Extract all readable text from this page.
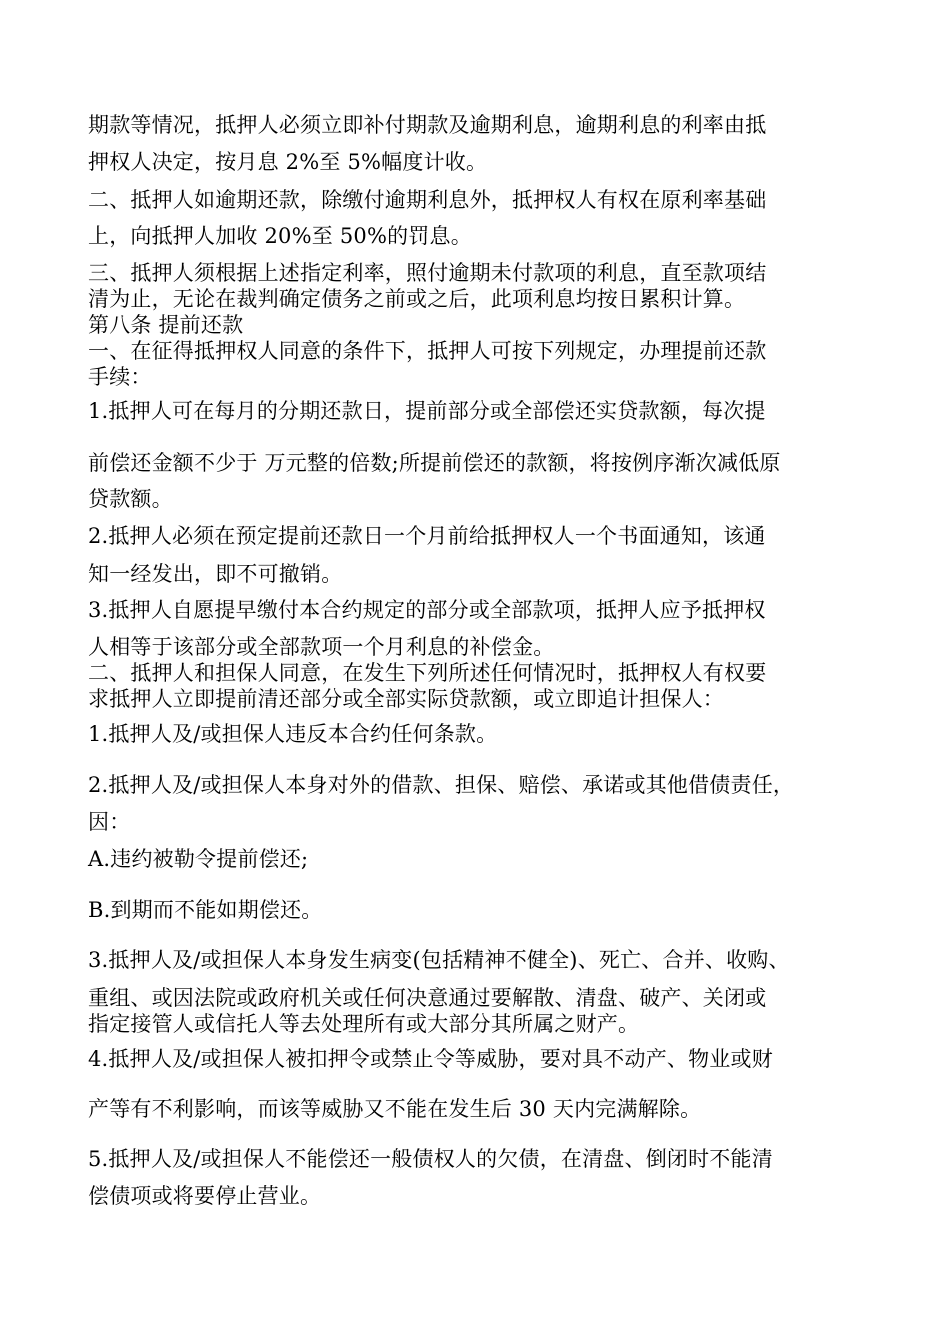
期款等情况，抵押人必须立即补付期款及逾期利息，逾期利息的利率由抵
押权人决定，按月息 2%至 5%幅度计收。
二、抵押人如逾期还款，除缴付逾期利息外，抵押权人有权在原利率基础
上，向抵押人加收 20%至 50%的罚息。
三、抵押人须根据上述指定利率，照付逾期未付款项的利息，直至款项结
清为止，无论在裁判确定债务之前或之后，此项利息均按日累积计算。
第八条 提前还款
一、在征得抵押权人同意的条件下，抵押人可按下列规定，办理提前还款
手续：
1.抵押人可在每月的分期还款日，提前部分或全部偿还实贷款额，每次提
前偿还金额不少于 万元整的倍数;所提前偿还的款额，将按例序渐次减低原
贷款额。
2.抵押人必须在预定提前还款日一个月前给抵押权人一个书面通知，该通
知一经发出，即不可撤销。
3.抵押人自愿提早缴付本合约规定的部分或全部款项，抵押人应予抵押权
人相等于该部分或全部款项一个月利息的补偿金。
二、抵押人和担保人同意，在发生下列所述任何情况时，抵押权人有权要
求抵押人立即提前清还部分或全部实际贷款额，或立即追计担保人：
1.抵押人及/或担保人违反本合约任何条款。
2.抵押人及/或担保人本身对外的借款、担保、赔偿、承诺或其他借债责任，
因：
A.违约被勒令提前偿还;
B.到期而不能如期偿还。
3.抵押人及/或担保人本身发生病变(包括精神不健全)、死亡、合并、收购、
重组、或因法院或政府机关或任何决意通过要解散、清盘、破产、关闭或
指定接管人或信托人等去处理所有或大部分其所属之财产。
4.抵押人及/或担保人被扣押令或禁止令等威胁，要对具不动产、物业或财
产等有不利影响，而该等威胁又不能在发生后 30 天内完满解除。
5.抵押人及/或担保人不能偿还一般债权人的欠债，在清盘、倒闭时不能清
偿债项或将要停止营业。
